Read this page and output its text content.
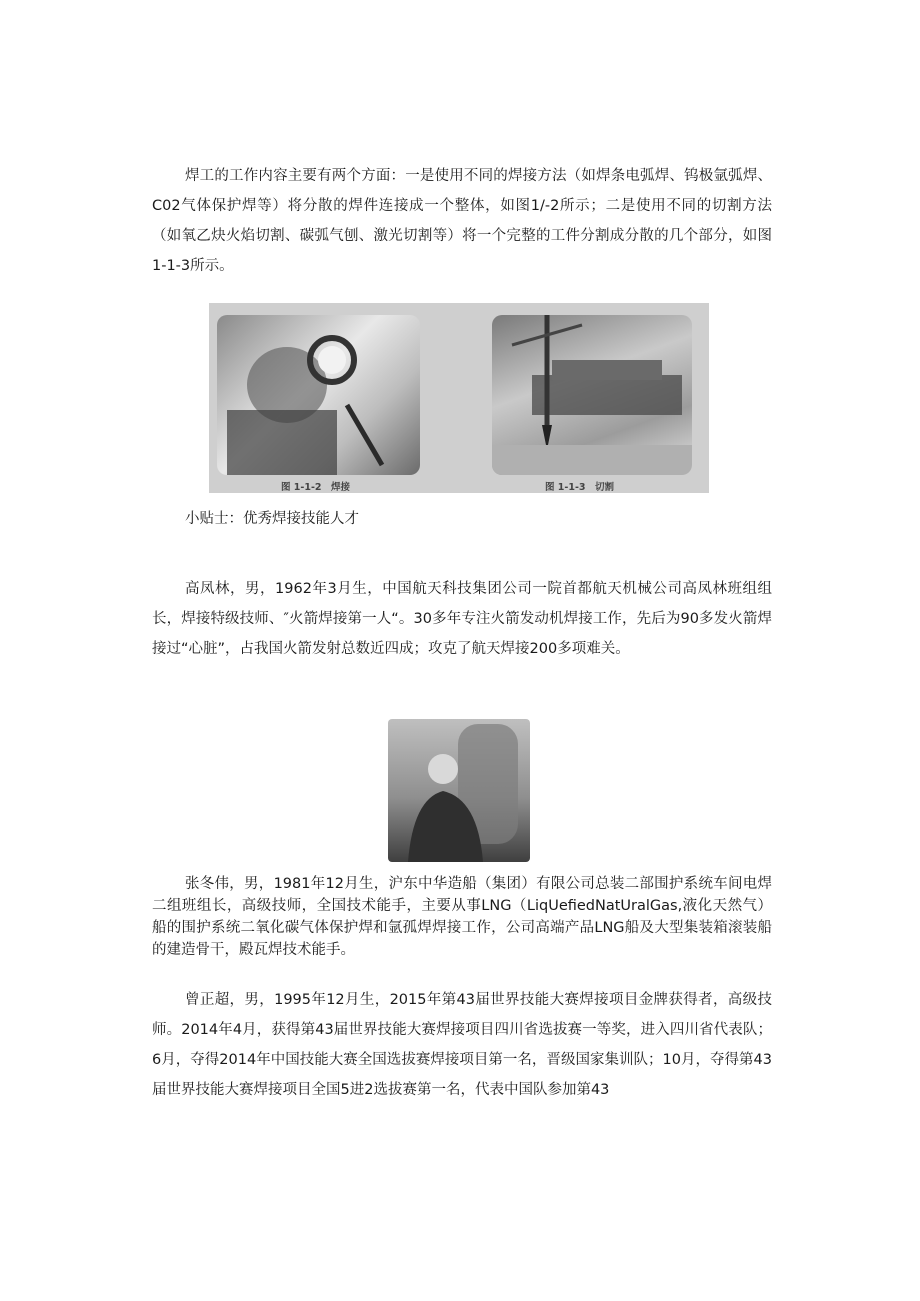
焊工的工作内容主要有两个方面：一是使用不同的焊接方法（如焊条电弧焊、钨极氩弧焊、C02气体保护焊等）将分散的焊件连接成一个整体，如图1/-2所示；二是使用不同的切割方法（如氧乙炔火焰切割、碳弧气刨、激光切割等）将一个完整的工件分割成分散的几个部分，如图1-1-3所示。

图 1-1-2　焊接	图 1-1-3　切割
小贴士：优秀焊接技能人才

高凤林，男，1962年3月生，中国航天科技集团公司一院首都航天机械公司高凤林班组组长，焊接特级技师、″火箭焊接第一人“。30多年专注火箭发动机焊接工作，先后为90多发火箭焊接过“心脏”，占我国火箭发射总数近四成；攻克了航天焊接200多项难关。

张冬伟，男，1981年12月生，沪东中华造船（集团）有限公司总装二部围护系统车间电焊二组班组长，高级技师，全国技术能手，主要从事LNG（LiqUefiedNatUralGas,液化天然气）船的围护系统二氧化碳气体保护焊和氩孤焊焊接工作，公司高端产品LNG船及大型集装箱滚装船的建造骨干，殿瓦焊技术能手。

曾正超，男，1995年12月生，2015年第43届世界技能大赛焊接项目金牌获得者，高级技师。2014年4月，获得第43届世界技能大赛焊接项目四川省选拔赛一等奖，进入四川省代表队；6月，夺得2014年中国技能大赛全国选拔赛焊接项目第一名，晋级国家集训队；10月，夺得第43届世界技能大赛焊接项目全国5进2选拔赛第一名，代表中国队参加第43
